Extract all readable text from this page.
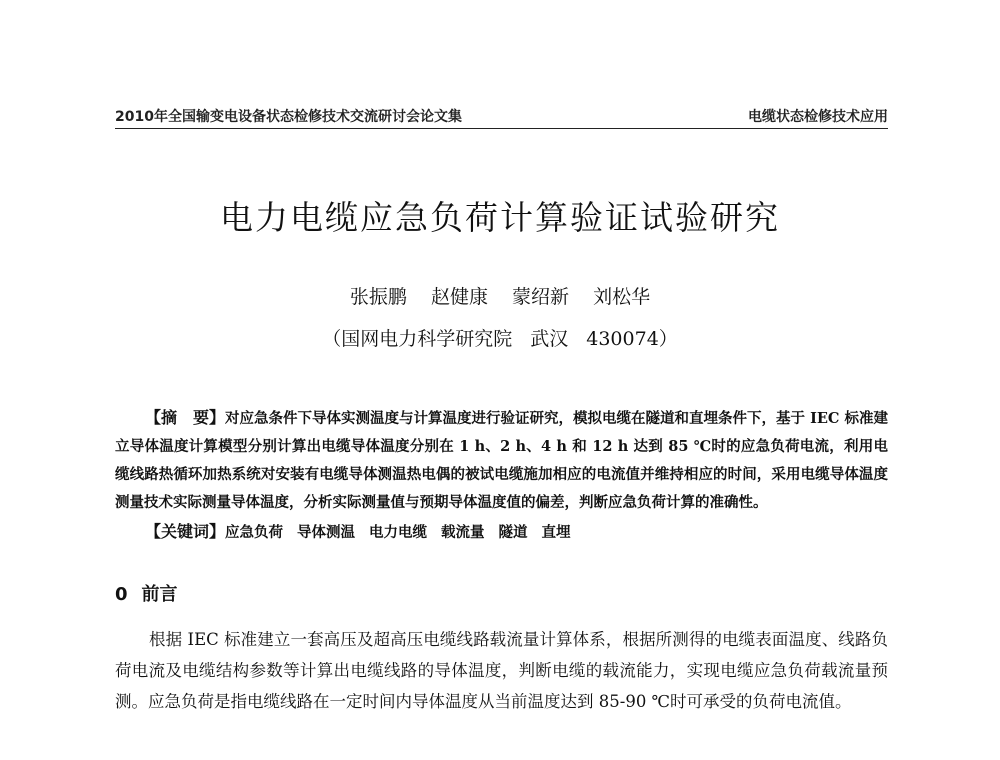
2010年全国输变电设备状态检修技术交流研讨会论文集	电缆状态检修技术应用
电力电缆应急负荷计算验证试验研究
张振鹏 赵健康 蒙绍新 刘松华
（国网电力科学研究院 武汉 430074）
【摘　要】对应急条件下导体实测温度与计算温度进行验证研究，模拟电缆在隧道和直埋条件下，基于 IEC 标准建立导体温度计算模型分别计算出电缆导体温度分别在 1 h、2 h、4 h 和 12 h 达到 85 ℃时的应急负荷电流，利用电缆线路热循环加热系统对安装有电缆导体测温热电偶的被试电缆施加相应的电流值并维持相应的时间，采用电缆导体温度测量技术实际测量导体温度，分析实际测量值与预期导体温度值的偏差，判断应急负荷计算的准确性。
【关键词】应急负荷 导体测温 电力电缆 载流量 隧道 直埋
0 前言
根据 IEC 标准建立一套高压及超高压电缆线路载流量计算体系，根据所测得的电缆表面温度、线路负荷电流及电缆结构参数等计算出电缆线路的导体温度，判断电缆的载流能力，实现电缆应急负荷载流量预测。应急负荷是指电缆线路在一定时间内导体温度从当前温度达到 85-90 ℃时可承受的负荷电流值。
